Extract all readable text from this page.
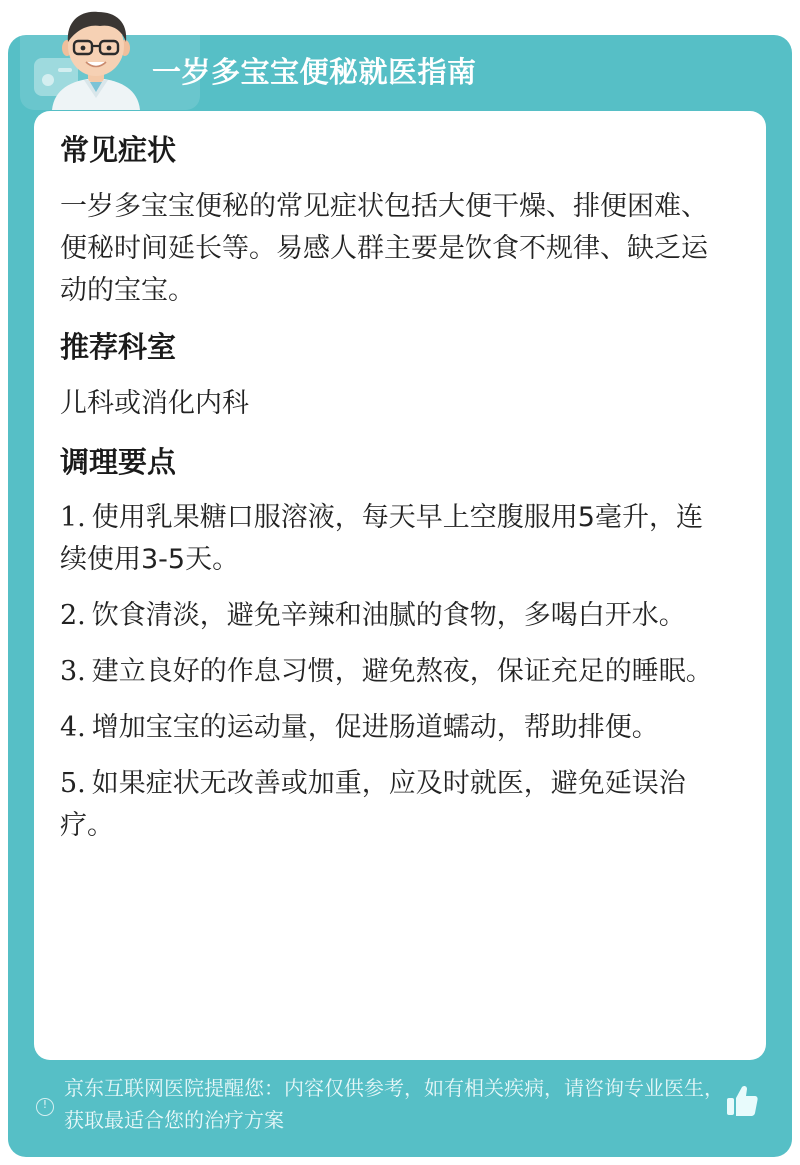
一岁多宝宝便秘就医指南
常见症状
一岁多宝宝便秘的常见症状包括大便干燥、排便困难、便秘时间延长等。易感人群主要是饮食不规律、缺乏运动的宝宝。
推荐科室
儿科或消化内科
调理要点
1. 使用乳果糖口服溶液，每天早上空腹服用5毫升，连续使用3-5天。
2. 饮食清淡，避免辛辣和油腻的食物，多喝白开水。
3. 建立良好的作息习惯，避免熬夜，保证充足的睡眠。
4. 增加宝宝的运动量，促进肠道蠕动，帮助排便。
5. 如果症状无改善或加重，应及时就医，避免延误治疗。
!
京东互联网医院提醒您：内容仅供参考，如有相关疾病，请咨询专业医生，获取最适合您的治疗方案
